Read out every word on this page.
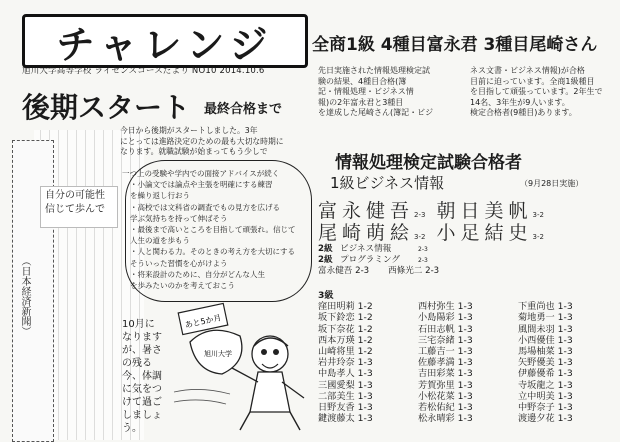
チャレンジ
旭川大学高等学校 ライセンスコースだより NO10 2014.10.6
後期スタート 最終合格まで
（日本経済新聞）
自分の可能性
信じて歩んで

今日から後期がスタートしました。3年

にとっては進路決定のための最も大切な時期に

なります。就職試験が始まってもう少しで

一つ上の受験や学内での面接アドバイスが続く

・小論文では論点や主張を明確にする練習

を繰り返し行おう

・高校では文科省の調査でもの見方を広げる

学ぶ気持ちを持って伸ばそう

・最後まで高いところを目指して頑張れ。信じて

人生の道を歩もう

・人と関わる力。そのときの考え方を大切にする

そういった習慣を心がけよう

・将来設計のために、自分がどんな人生

を歩みたいのかを考えておこう

10月に

なります

が、暑さ

の残る

今、体調

に気をつ

けて過ご

しましょ

う。

あと5か月
旭川大学
全商1級 4種目富永君 3種目尾崎さん

先日実施された情報処理検定試

験の結果、4種目合格(簿

記・情報処理・ビジネス情

報)の2年富永君と3種目

を達成した尾崎さん(簿記・ビジ

ネス文書・ビジネス情報)が合格

目前に迫っています。全商1級種目

を目指して頑張っています。2年生で

14名、3年生が9人います。

検定合格者(9種目)あります。

情報処理検定試験合格者
1級ビジネス情報	（9月28日実施）
富永健吾2-3 朝日美帆3-2
尾崎萌絵3-2 小足結史3-2
2級 ビジネス情報	2-3
2級 プログラミング	2-3
富永健吾 2-3 西條光二 2-3
3級
窪田明莉 1-2	西村弥生 1-3	下重尚也 1-3
坂下鈴恋 1-2	小島陽彩 1-3	菊地勇一 1-3
坂下奈花 1-2	石田志帆 1-3	風間未羽 1-3
西本万瑛 1-2	三宅奈緒 1-3	小西優佳 1-3
山崎将里 1-2	工藤吉一 1-3	馬場柚菜 1-3
岩井玲奈 1-3	佐藤孝満 1-3	矢野優美 1-3
中島孝人 1-3	吉田彩菜 1-3	伊藤優希 1-3
三國愛梨 1-3	芳賀弥里 1-3	寺坂龍之 1-3
二部美生 1-3	小松花菜 1-3	立中明美 1-3
日野友香 1-3	若松佑紀 1-3	中野奈子 1-3
鍵渡藤太 1-3	松永晴彩 1-3	渡邊夕花 1-3
